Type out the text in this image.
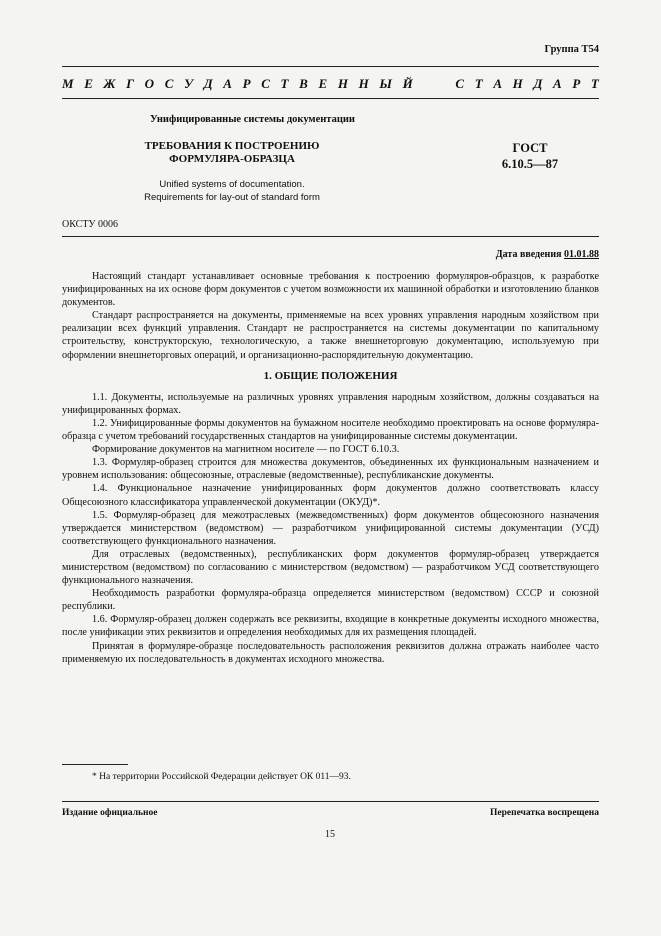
Группа Т54
М Е Ж Г О С У Д А Р С Т В Е Н Н Ы Й	С Т А Н Д А Р Т
Унифицированные системы документации
ТРЕБОВАНИЯ К ПОСТРОЕНИЮ
ФОРМУЛЯРА-ОБРАЗЦА
ГОСТ
6.10.5—87
Unified systems of documentation.
Requirements for lay-out of standard form
ОКСТУ 0006
Дата введения 01.01.88

Настоящий стандарт устанавливает основные требования к построению формуляров-образцов, к разработке унифицированных на их основе форм документов с учетом возможности их машинной обработки и изготовлению бланков документов.

Стандарт распространяется на документы, применяемые на всех уровнях управления народным хозяйством при реализации всех функций управления. Стандарт не распространяется на системы документации по капитальному строительству, конструкторскую, технологическую, а также внешнеторговую документацию, используемую при оформлении внешнеторговых операций, и организационно-распорядительную документацию.

1. ОБЩИЕ ПОЛОЖЕНИЯ

1.1. Документы, используемые на различных уровнях управления народным хозяйством, должны создаваться на унифицированных формах.

1.2. Унифицированные формы документов на бумажном носителе необходимо проектировать на основе формуляра-образца с учетом требований государственных стандартов на унифицированные системы документации.

Формирование документов на магнитном носителе — по ГОСТ 6.10.3.

1.3. Формуляр-образец строится для множества документов, объединенных их функциональным назначением и уровнем использования: общесоюзные, отраслевые (ведомственные), республиканские документы.

1.4. Функциональное назначение унифицированных форм документов должно соответствовать классу Общесоюзного классификатора управленческой документации (ОКУД)*.

1.5. Формуляр-образец для межотраслевых (межведомственных) форм документов общесоюзного назначения утверждается министерством (ведомством) — разработчиком унифицированной системы документации (УСД) соответствующего функционального назначения.

Для отраслевых (ведомственных), республиканских форм документов формуляр-образец утверждается министерством (ведомством) по согласованию с министерством (ведомством) — разработчиком УСД соответствующего функционального назначения.

Необходимость разработки формуляра-образца определяется министерством (ведомством) СССР и союзной республики.

1.6. Формуляр-образец должен содержать все реквизиты, входящие в конкретные документы исходного множества, после унификации этих реквизитов и определения необходимых для их размещения площадей.

Принятая в формуляре-образце последовательность расположения реквизитов должна отражать наиболее часто применяемую их последовательность в документах исходного множества.

* На территории Российской Федерации действует ОК 011—93.
Издание официальное	Перепечатка воспрещена
15
